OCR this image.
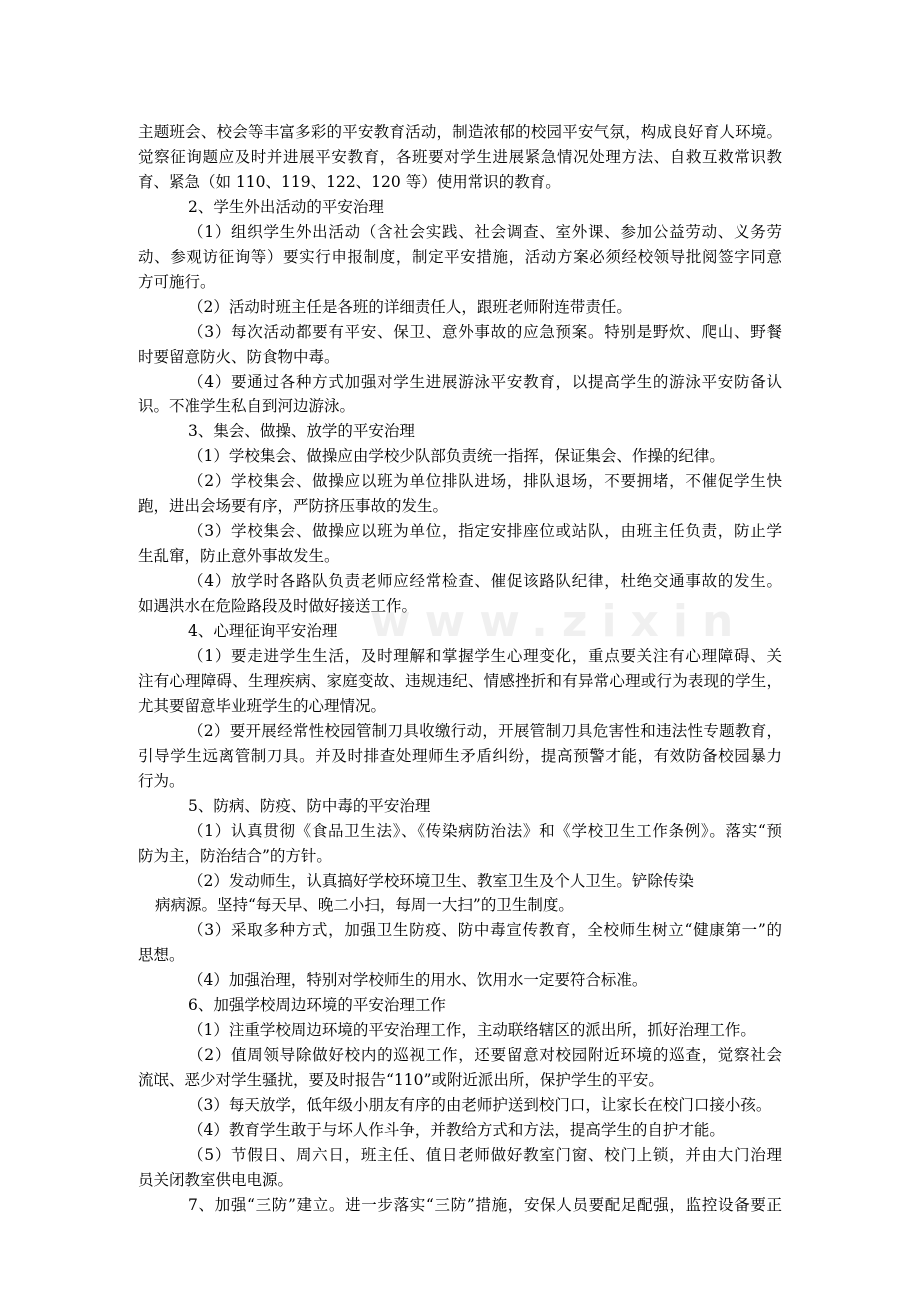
www.zixin
主题班会、校会等丰富多彩的平安教育活动，制造浓郁的校园平安气氛，构成良好育人环境。
觉察征询题应及时并进展平安教育，各班要对学生进展紧急情况处理方法、自救互救常识教
育、紧急（如 110、119、122、120 等）使用常识的教育。
2、学生外出活动的平安治理
（1）组织学生外出活动（含社会实践、社会调查、室外课、参加公益劳动、义务劳
动、参观访征询等）要实行申报制度，制定平安措施，活动方案必须经校领导批阅签字同意
方可施行。
（2）活动时班主任是各班的详细责任人，跟班老师附连带责任。
（3）每次活动都要有平安、保卫、意外事故的应急预案。特别是野炊、爬山、野餐
时要留意防火、防食物中毒。
（4）要通过各种方式加强对学生进展游泳平安教育，以提高学生的游泳平安防备认
识。不准学生私自到河边游泳。
3、集会、做操、放学的平安治理
（1）学校集会、做操应由学校少队部负责统一指挥，保证集会、作操的纪律。
（2）学校集会、做操应以班为单位排队进场，排队退场，不要拥堵，不催促学生快
跑，进出会场要有序，严防挤压事故的发生。
（3）学校集会、做操应以班为单位，指定安排座位或站队，由班主任负责，防止学
生乱窜，防止意外事故发生。
（4）放学时各路队负责老师应经常检查、催促该路队纪律，杜绝交通事故的发生。
如遇洪水在危险路段及时做好接送工作。
4、心理征询平安治理
（1）要走进学生生活，及时理解和掌握学生心理变化，重点要关注有心理障碍、关
注有心理障碍、生理疾病、家庭变故、违规违纪、情感挫折和有异常心理或行为表现的学生，
尤其要留意毕业班学生的心理情况。
（2）要开展经常性校园管制刀具收缴行动，开展管制刀具危害性和违法性专题教育，
引导学生远离管制刀具。并及时排查处理师生矛盾纠纷，提高预警才能，有效防备校园暴力
行为。
5、防病、防疫、防中毒的平安治理
（1）认真贯彻《食品卫生法》、《传染病防治法》和《学校卫生工作条例》。落实“预
防为主，防治结合”的方针。
（2）发动师生，认真搞好学校环境卫生、教室卫生及个人卫生。铲除传染
病病源。坚持“每天早、晚二小扫，每周一大扫”的卫生制度。
（3）采取多种方式，加强卫生防疫、防中毒宣传教育，全校师生树立“健康第一”的
思想。
（4）加强治理，特别对学校师生的用水、饮用水一定要符合标准。
6、加强学校周边环境的平安治理工作
（1）注重学校周边环境的平安治理工作，主动联络辖区的派出所，抓好治理工作。
（2）值周领导除做好校内的巡视工作，还要留意对校园附近环境的巡查，觉察社会
流氓、恶少对学生骚扰，要及时报告“110”或附近派出所，保护学生的平安。
（3）每天放学，低年级小朋友有序的由老师护送到校门口，让家长在校门口接小孩。
（4）教育学生敢于与坏人作斗争，并教给方式和方法，提高学生的自护才能。
（5）节假日、周六日，班主任、值日老师做好教室门窗、校门上锁，并由大门治理
员关闭教室供电电源。
7、加强“三防”建立。进一步落实“三防”措施，安保人员要配足配强，监控设备要正
